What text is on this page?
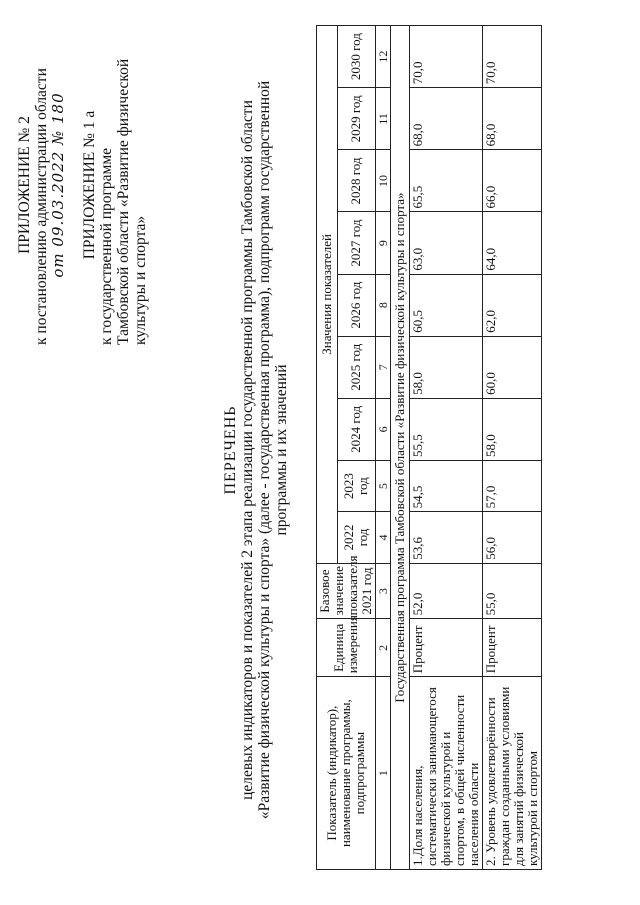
ПРИЛОЖЕНИЕ № 2 к постановлению администрации области от 09.03.2022 № 180 ПРИЛОЖЕНИЕ № 1 а к государственной программе Тамбовской области «Развитие физической культуры и спорта»
ПЕРЕЧЕНЬ целевых индикаторов и показателей 2 этапа реализации государственной программы Тамбовской области «Развитие физической культуры и спорта» (далее - государственная программа), подпрограмм государственной программы и их значений
Показатель (индикатор), наименование программы, подпрограммы	Единица измерения	Базовое значение показателя 2021 год	Значения показателей								
			2022 год	2023 год	2024 год	2025 год	2026 год	2027 год	2028 год	2029 год	2030 год
1	2	3	4	5	6	7	8	9	10	11	12
Государственная программа Тамбовской области «Развитие физической культуры и спорта»											
1.Доля населения, систематически занимающегося физической культурой и спортом, в общей численности населения области	Процент	52,0	53,6	54,5	55,5	58,0	60,5	63,0	65,5	68,0	70,0
2. Уровень удовлетворённости граждан созданными условиями для занятий физической культурой и спортом	Процент	55,0	56,0	57,0	58,0	60,0	62,0	64,0	66,0	68,0	70,0
